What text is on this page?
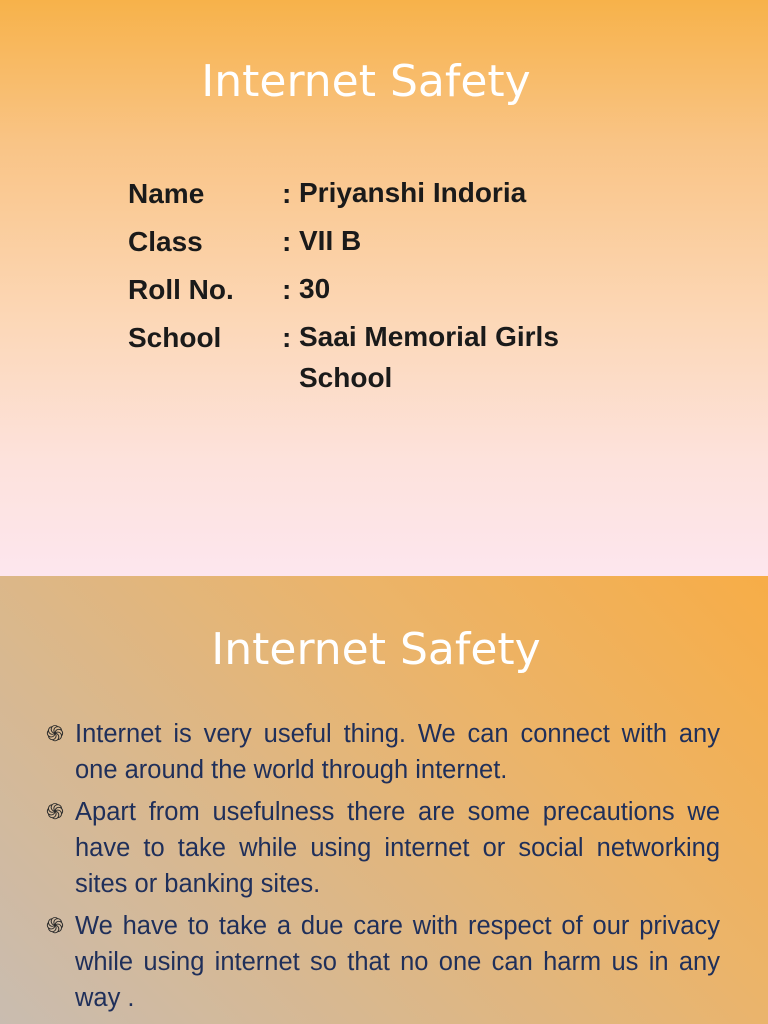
Internet Safety
Name	: Priyanshi Indoria
Class	: VII B
Roll No. : 30
School : Saai Memorial Girls School
Internet Safety
֍ Internet is very useful thing. We can connect with any one around the world through internet.
֍ Apart from usefulness there are some precautions we have to take while using internet or social networking sites or banking sites.
֍ We have to take a due care with respect of our privacy while using internet so that no one can harm us in any way .
